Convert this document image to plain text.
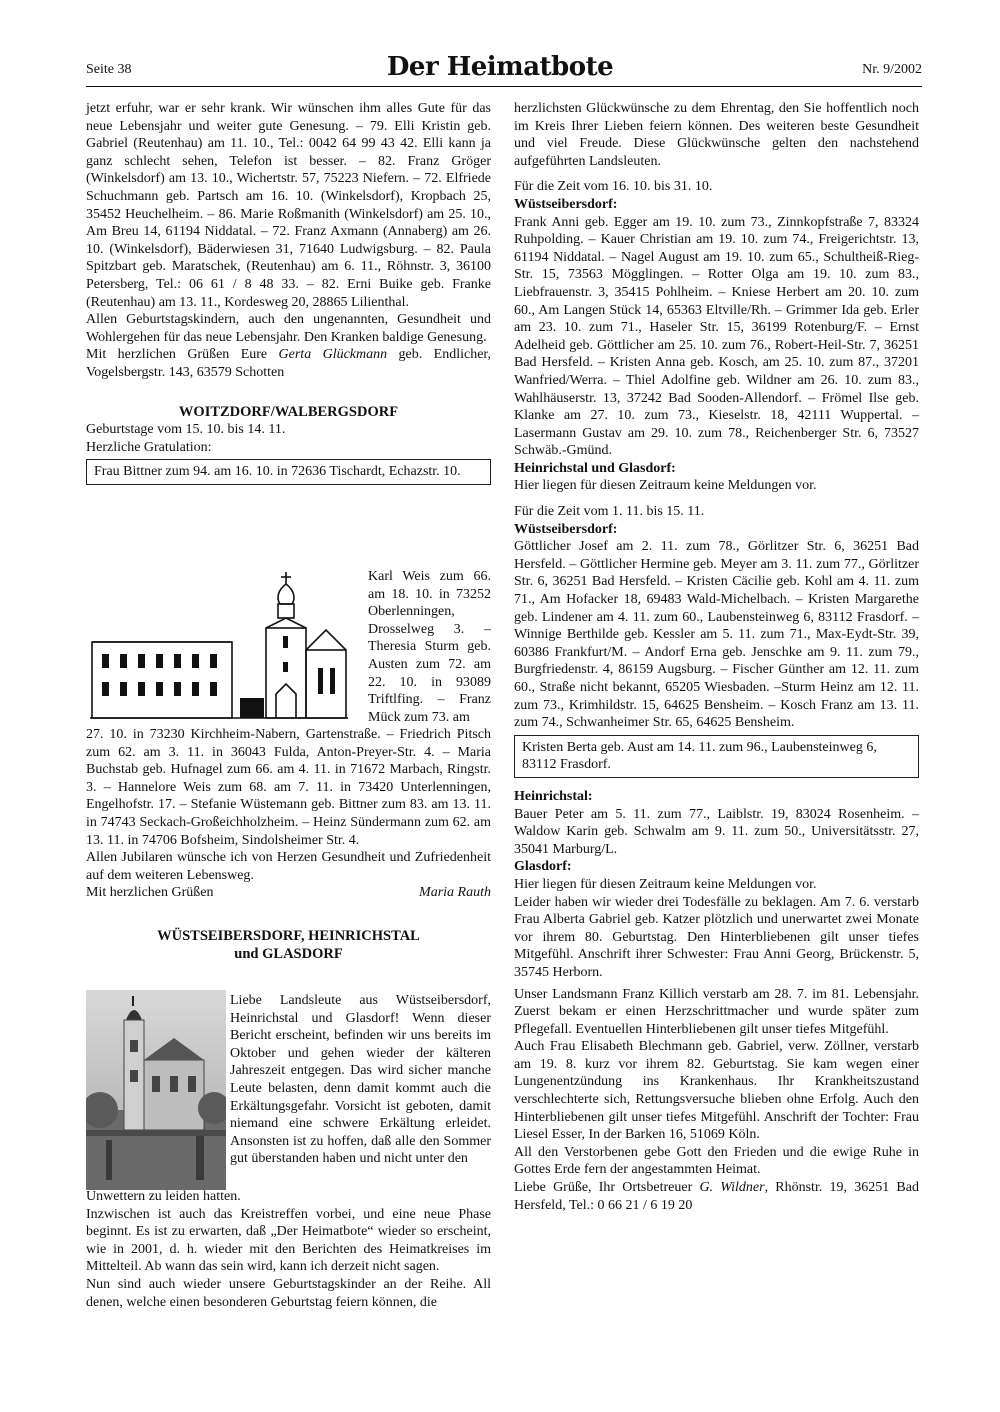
Seite 38	Der Heimatbote	Nr. 9/2002

jetzt erfuhr, war er sehr krank. Wir wünschen ihm alles Gute für das neue Lebensjahr und weiter gute Genesung. – 79. Elli Kristin geb. Gabriel (Reutenhau) am 11. 10., Tel.: 0042 64 99 43 42. Elli kann ja ganz schlecht sehen, Telefon ist besser. – 82. Franz Gröger (Winkelsdorf) am 13. 10., Wichertstr. 57, 75223 Niefern. – 72. Elfriede Schuchmann geb. Partsch am 16. 10. (Winkelsdorf), Kropbach 25, 35452 Heuchelheim. – 86. Marie Roßmanith (Winkelsdorf) am 25. 10., Am Breu 14, 61194 Niddatal. – 72. Franz Axmann (Annaberg) am 26. 10. (Winkelsdorf), Bäderwiesen 31, 71640 Ludwigsburg. – 82. Paula Spitzbart geb. Maratschek, (Reutenhau) am 6. 11., Röhnstr. 3, 36100 Petersberg, Tel.: 06 61 / 8 48 33. – 82. Erni Buike geb. Franke (Reutenhau) am 13. 11., Kordesweg 20, 28865 Lilienthal.

Allen Geburtstagskindern, auch den ungenannten, Gesundheit und Wohlergehen für das neue Lebensjahr. Den Kranken baldige Genesung.

Mit herzlichen Grüßen Eure Gerta Glückmann geb. Endlicher, Vogelsbergstr. 143, 63579 Schotten

WOITZDORF/WALBERGSDORF

Geburtstage vom 15. 10. bis 14. 11.

Herzliche Gratulation:

Frau Bittner zum 94. am 16. 10. in 72636 Tischardt, Echazstr. 10.
Karl Weis zum 66. am 18. 10. in 73252 Oberlenningen, Drosselweg 3. – Theresia Sturm geb. Austen zum 72. am 22. 10. in 93089 Triftlfing. – Franz Mück zum 73. am

27. 10. in 73230 Kirchheim-Nabern, Gartenstraße. – Friedrich Pitsch zum 62. am 3. 11. in 36043 Fulda, Anton-Preyer-Str. 4. – Maria Buchstab geb. Hufnagel zum 66. am 4. 11. in 71672 Marbach, Ringstr. 3. – Hannelore Weis zum 68. am 7. 11. in 73420 Unterlenningen, Engelhofstr. 17. – Stefanie Wüstemann geb. Bittner zum 83. am 13. 11. in 74743 Seckach-Großeichholzheim. – Heinz Sündermann zum 62. am 13. 11. in 74706 Bofsheim, Sindolsheimer Str. 4.

Allen Jubilaren wünsche ich von Herzen Gesundheit und Zufriedenheit auf dem weiteren Lebensweg.

Mit herzlichen Grüßen	Maria Rauth

WÜSTSEIBERSDORF, HEINRICHSTAL

und GLASDORF

Liebe Landsleute aus Wüstseibersdorf, Heinrichstal und Glasdorf! Wenn dieser Bericht erscheint, befinden wir uns bereits im Oktober und gehen wieder der kälteren Jahreszeit entgegen. Das wird sicher manche Leute belasten, denn damit kommt auch die Erkältungsgefahr. Vorsicht ist geboten, damit niemand eine schwere Erkältung erleidet. Ansonsten ist zu hoffen, daß alle den Sommer gut überstanden haben und nicht unter den

Unwettern zu leiden hatten.

Inzwischen ist auch das Kreistreffen vorbei, und eine neue Phase beginnt. Es ist zu erwarten, daß „Der Heimatbote“ wieder so erscheint, wie in 2001, d. h. wieder mit den Berichten des Heimatkreises im Mittelteil. Ab wann das sein wird, kann ich derzeit nicht sagen.

Nun sind auch wieder unsere Geburtstagskinder an der Reihe. All denen, welche einen besonderen Geburtstag feiern können, die

herzlichsten Glückwünsche zu dem Ehrentag, den Sie hoffentlich noch im Kreis Ihrer Lieben feiern können. Des weiteren beste Gesundheit und viel Freude. Diese Glückwünsche gelten den nachstehend aufgeführten Landsleuten.

Für die Zeit vom 16. 10. bis 31. 10.

Wüstseibersdorf:

Frank Anni geb. Egger am 19. 10. zum 73., Zinnkopfstraße 7, 83324 Ruhpolding. – Kauer Christian am 19. 10. zum 74., Freigerichtstr. 13, 61194 Niddatal. – Nagel August am 19. 10. zum 65., Schultheiß-Rieg-Str. 15, 73563 Mögglingen. – Rotter Olga am 19. 10. zum 83., Liebfrauenstr. 3, 35415 Pohlheim. – Kniese Herbert am 20. 10. zum 60., Am Langen Stück 14, 65363 Eltville/Rh. – Grimmer Ida geb. Erler am 23. 10. zum 71., Haseler Str. 15, 36199 Rotenburg/F. – Ernst Adelheid geb. Göttlicher am 25. 10. zum 76., Robert-Heil-Str. 7, 36251 Bad Hersfeld. – Kristen Anna geb. Kosch, am 25. 10. zum 87., 37201 Wanfried/Werra. – Thiel Adolfine geb. Wildner am 26. 10. zum 83., Wahlhäuserstr. 13, 37242 Bad Sooden-Allendorf. – Frömel Ilse geb. Klanke am 27. 10. zum 73., Kieselstr. 18, 42111 Wuppertal. – Lasermann Gustav am 29. 10. zum 78., Reichenberger Str. 6, 73527 Schwäb.-Gmünd.

Heinrichstal und Glasdorf:

Hier liegen für diesen Zeitraum keine Meldungen vor.

Für die Zeit vom 1. 11. bis 15. 11.

Wüstseibersdorf:

Göttlicher Josef am 2. 11. zum 78., Görlitzer Str. 6, 36251 Bad Hersfeld. – Göttlicher Hermine geb. Meyer am 3. 11. zum 77., Görlitzer Str. 6, 36251 Bad Hersfeld. – Kristen Cäcilie geb. Kohl am 4. 11. zum 71., Am Hofacker 18, 69483 Wald-Michelbach. – Kristen Margarethe geb. Lindener am 4. 11. zum 60., Laubensteinweg 6, 83112 Frasdorf. – Winnige Berthilde geb. Kessler am 5. 11. zum 71., Max-Eydt-Str. 39, 60386 Frankfurt/M. – Andorf Erna geb. Jenschke am 9. 11. zum 79., Burgfriedenstr. 4, 86159 Augsburg. – Fischer Günther am 12. 11. zum 60., Straße nicht bekannt, 65205 Wiesbaden. –Sturm Heinz am 12. 11. zum 73., Krimhildstr. 15, 64625 Bensheim. – Kosch Franz am 13. 11. zum 74., Schwanheimer Str. 65, 64625 Bensheim.

Kristen Berta geb. Aust am 14. 11. zum 96., Laubensteinweg 6, 83112 Frasdorf.

Heinrichstal:

Bauer Peter am 5. 11. zum 77., Laiblstr. 19, 83024 Rosenheim. – Waldow Karin geb. Schwalm am 9. 11. zum 50., Universitätsstr. 27, 35041 Marburg/L.

Glasdorf:

Hier liegen für diesen Zeitraum keine Meldungen vor.

Leider haben wir wieder drei Todesfälle zu beklagen. Am 7. 6. verstarb Frau Alberta Gabriel geb. Katzer plötzlich und unerwartet zwei Monate vor ihrem 80. Geburtstag. Den Hinterbliebenen gilt unser tiefes Mitgefühl. Anschrift ihrer Schwester: Frau Anni Georg, Brückenstr. 5, 35745 Herborn.

Unser Landsmann Franz Killich verstarb am 28. 7. im 81. Lebensjahr. Zuerst bekam er einen Herzschrittmacher und wurde später zum Pflegefall. Eventuellen Hinterbliebenen gilt unser tiefes Mitgefühl.

Auch Frau Elisabeth Blechmann geb. Gabriel, verw. Zöllner, verstarb am 19. 8. kurz vor ihrem 82. Geburtstag. Sie kam wegen einer Lungenentzündung ins Krankenhaus. Ihr Krankheitszustand verschlechterte sich, Rettungsversuche blieben ohne Erfolg. Auch den Hinterbliebenen gilt unser tiefes Mitgefühl. Anschrift der Tochter: Frau Liesel Esser, In der Barken 16, 51069 Köln.

All den Verstorbenen gebe Gott den Frieden und die ewige Ruhe in Gottes Erde fern der angestammten Heimat.

Liebe Grüße, Ihr Ortsbetreuer G. Wildner, Rhönstr. 19, 36251 Bad Hersfeld, Tel.: 0 66 21 / 6 19 20
